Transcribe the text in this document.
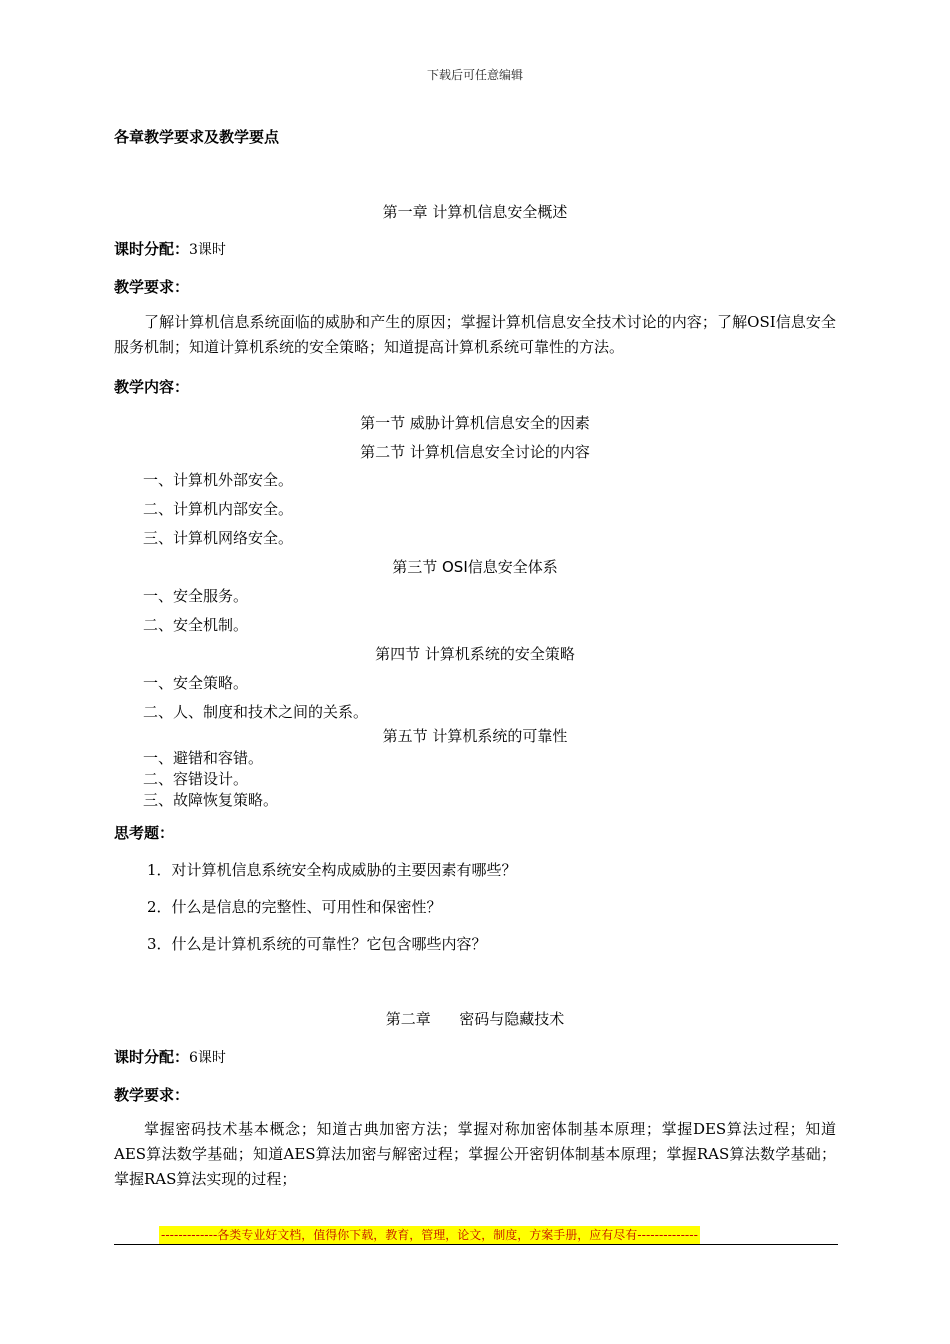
下载后可任意编辑
各章教学要求及教学要点
第一章 计算机信息安全概述
课时分配：3课时
教学要求：
了解计算机信息系统面临的威胁和产生的原因；掌握计算机信息安全技术讨论的内容；了解OSI信息安全服务机制；知道计算机系统的安全策略；知道提高计算机系统可靠性的方法。
教学内容：
第一节 威胁计算机信息安全的因素
第二节 计算机信息安全讨论的内容
一、计算机外部安全。
二、计算机内部安全。
三、计算机网络安全。
第三节 OSI信息安全体系
一、安全服务。
二、安全机制。
第四节 计算机系统的安全策略
一、安全策略。
二、人、制度和技术之间的关系。
第五节 计算机系统的可靠性
一、避错和容错。
二、容错设计。
三、故障恢复策略。
思考题：
1．对计算机信息系统安全构成威胁的主要因素有哪些？
2．什么是信息的完整性、可用性和保密性？
3．什么是计算机系统的可靠性？它包含哪些内容？
第二章      密码与隐藏技术
课时分配：6课时
教学要求：
掌握密码技术基本概念；知道古典加密方法；掌握对称加密体制基本原理；掌握DES算法过程；知道AES算法数学基础；知道AES算法加密与解密过程；掌握公开密钥体制基本原理；掌握RAS算法数学基础；掌握RAS算法实现的过程；
-------------各类专业好文档，值得你下载，教育，管理，论文，制度，方案手册，应有尽有--------------
